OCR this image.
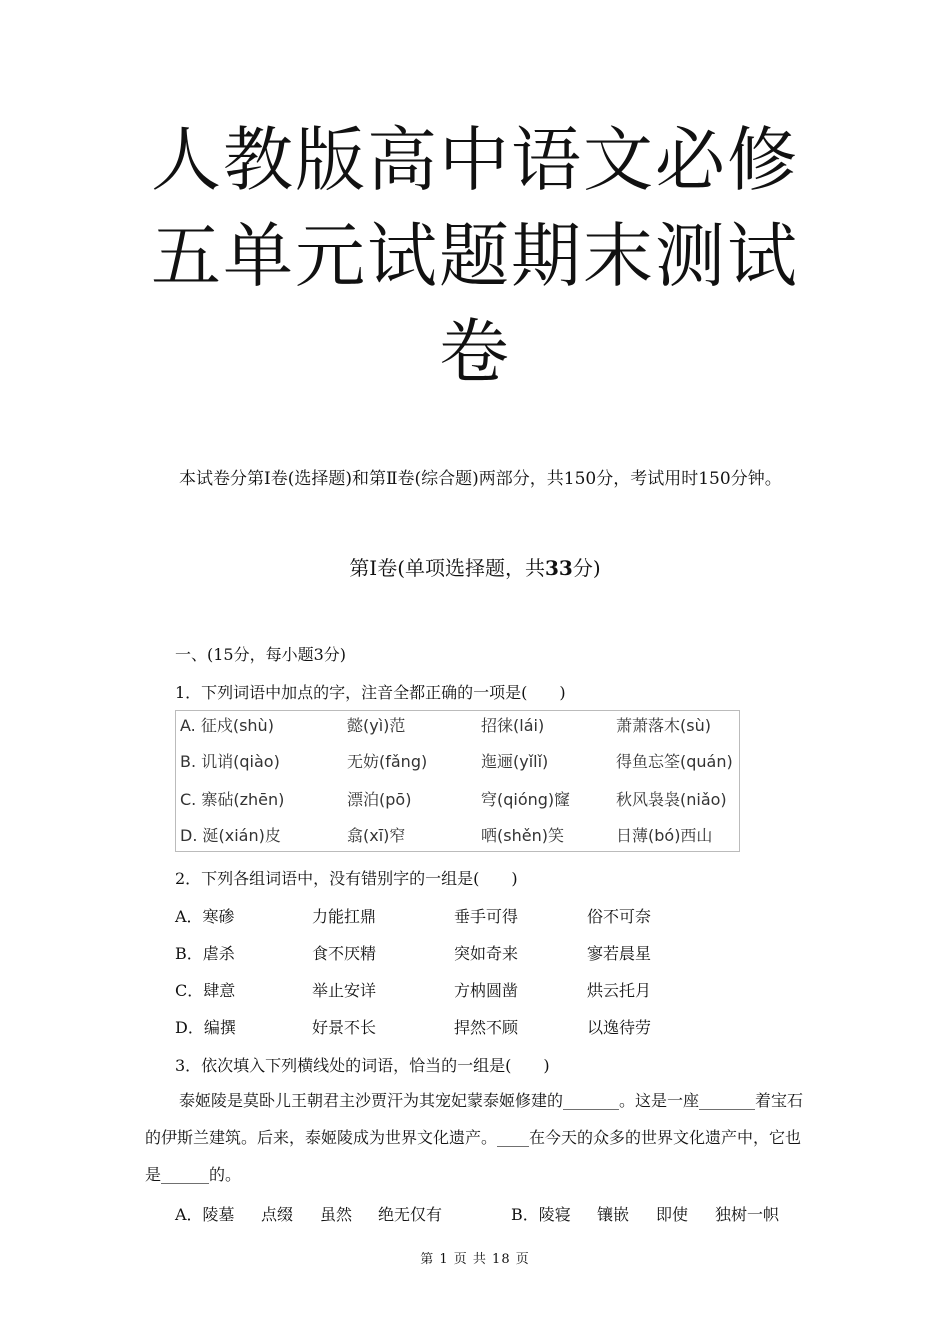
人教版高中语文必修
五单元试题期末测试
卷
本试卷分第Ⅰ卷(选择题)和第Ⅱ卷(综合题)两部分，共150分，考试用时150分钟。
第Ⅰ卷(单项选择题，共33分)
一、(15分，每小题3分)
1．下列词语中加点的字，注音全都正确的一项是(　　)
A. 征戍(shù)	懿(yì)范	招徕(lái)	萧萧落木(sù)
B. 讥诮(qiào)	无妨(fǎng)	迤逦(yǐlǐ)	得鱼忘筌(quán)
C. 寨砧(zhēn)	漂泊(pō)	穹(qióng)窿	秋风袅袅(niǎo)
D. 涎(xián)皮	翕(xī)窄	哂(shěn)笑	日薄(bó)西山
2．下列各组词语中，没有错别字的一组是(　　)
A．寒碜	力能扛鼎	垂手可得	俗不可奈
B．虐杀	食不厌精	突如奇来	寥若晨星
C．肆意	举止安详	方枘圆凿	烘云托月
D．编撰	好景不长	捍然不顾	以逸待劳
3．依次填入下列横线处的词语，恰当的一组是(　　)
泰姬陵是莫卧儿王朝君主沙贾汗为其宠妃蒙泰姬修建的_______。这是一座_______着宝石的伊斯兰建筑。后来，泰姬陵成为世界文化遗产。____在今天的众多的世界文化遗产中，它也是______的。
A．陵墓 点缀 虽然 绝无仅有	B．陵寝 镶嵌 即使 独树一帜
第 1 页 共 18 页
